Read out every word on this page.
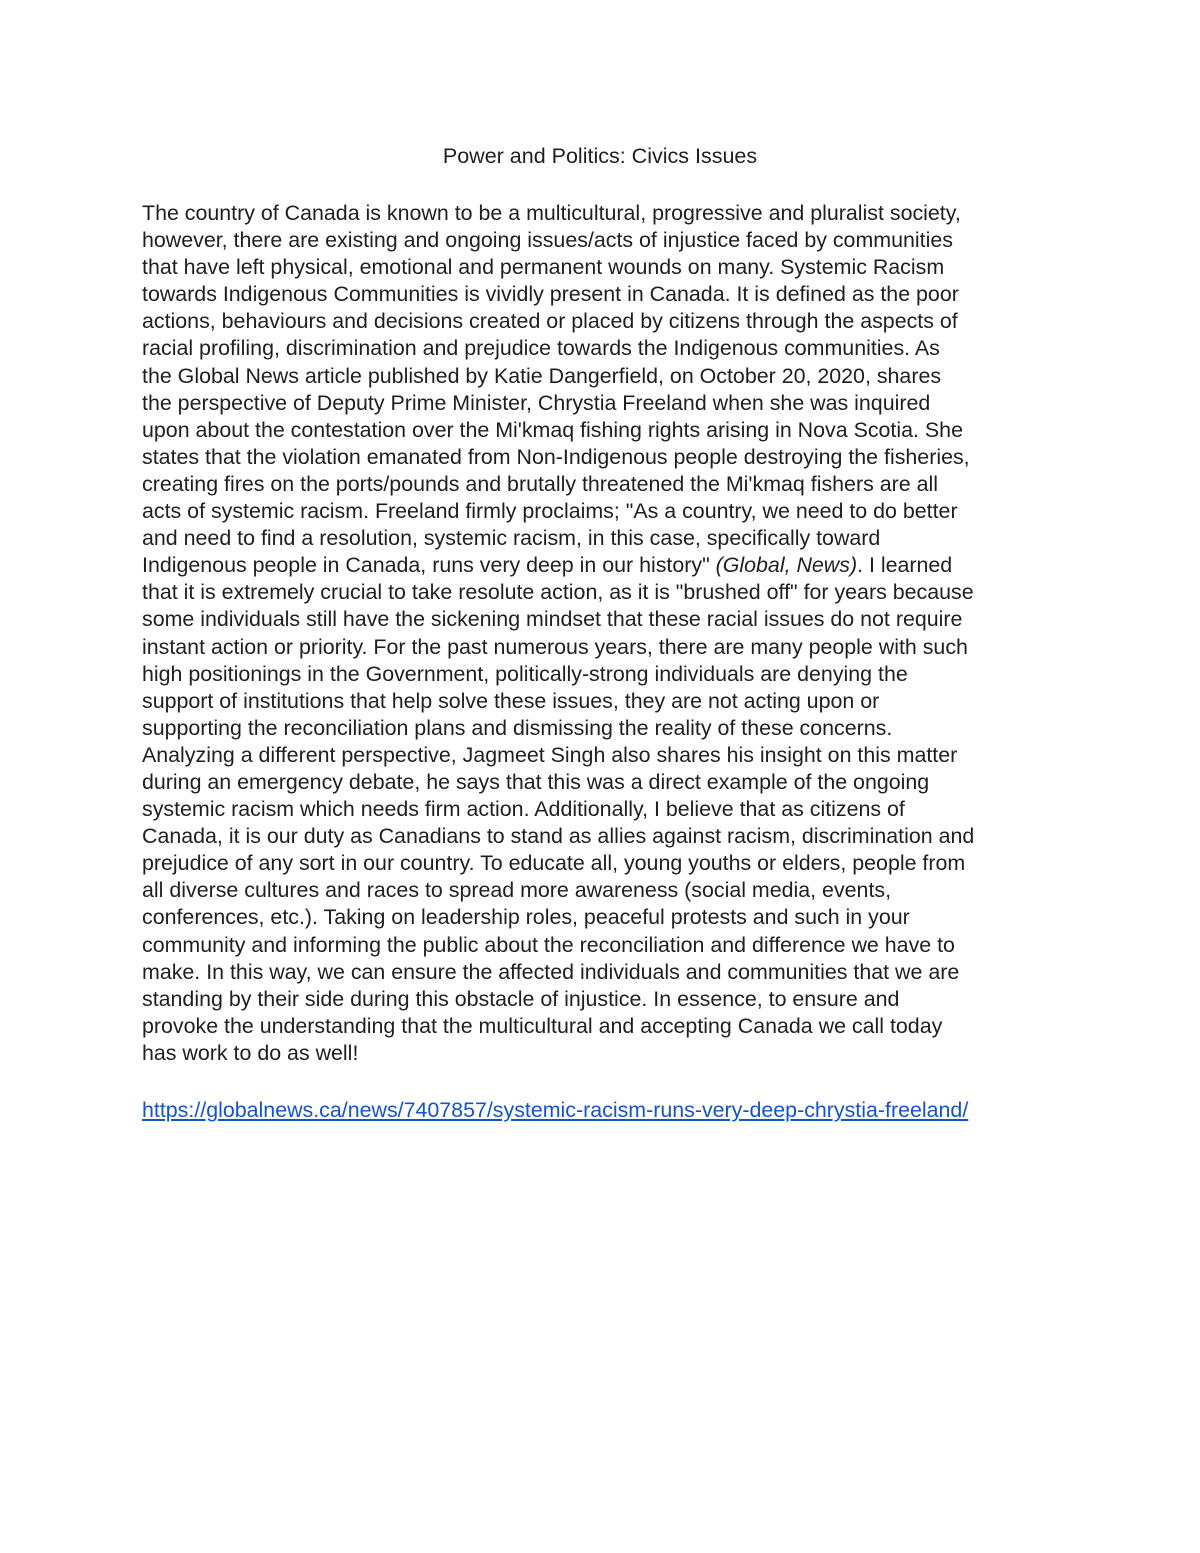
Power and Politics: Civics Issues
The country of Canada is known to be a multicultural, progressive and pluralist society,
however, there are existing and ongoing issues/acts of injustice faced by communities
that have left physical, emotional and permanent wounds on many. Systemic Racism
towards Indigenous Communities is vividly present in Canada. It is defined as the poor
actions, behaviours and decisions created or placed by citizens through the aspects of
racial profiling, discrimination and prejudice towards the Indigenous communities. As
the Global News article published by Katie Dangerfield, on October 20, 2020, shares
the perspective of Deputy Prime Minister, Chrystia Freeland when she was inquired
upon about the contestation over the Mi'kmaq fishing rights arising in Nova Scotia. She
states that the violation emanated from Non-Indigenous people destroying the fisheries,
creating fires on the ports/pounds and brutally threatened the Mi'kmaq fishers are all
acts of systemic racism. Freeland firmly proclaims; "As a country, we need to do better
and need to find a resolution, systemic racism, in this case, specifically toward
Indigenous people in Canada, runs very deep in our history" (Global, News). I learned
that it is extremely crucial to take resolute action, as it is "brushed off" for years because
some individuals still have the sickening mindset that these racial issues do not require
instant action or priority. For the past numerous years, there are many people with such
high positionings in the Government, politically-strong individuals are denying the
support of institutions that help solve these issues, they are not acting upon or
supporting the reconciliation plans and dismissing the reality of these concerns.
Analyzing a different perspective, Jagmeet Singh also shares his insight on this matter
during an emergency debate, he says that this was a direct example of the ongoing
systemic racism which needs firm action. Additionally, I believe that as citizens of
Canada, it is our duty as Canadians to stand as allies against racism, discrimination and
prejudice of any sort in our country. To educate all, young youths or elders, people from
all diverse cultures and races to spread more awareness (social media, events,
conferences, etc.). Taking on leadership roles, peaceful protests and such in your
community and informing the public about the reconciliation and difference we have to
make. In this way, we can ensure the affected individuals and communities that we are
standing by their side during this obstacle of injustice. In essence, to ensure and
provoke the understanding that the multicultural and accepting Canada we call today
has work to do as well!
https://globalnews.ca/news/7407857/systemic-racism-runs-very-deep-chrystia-freeland/
